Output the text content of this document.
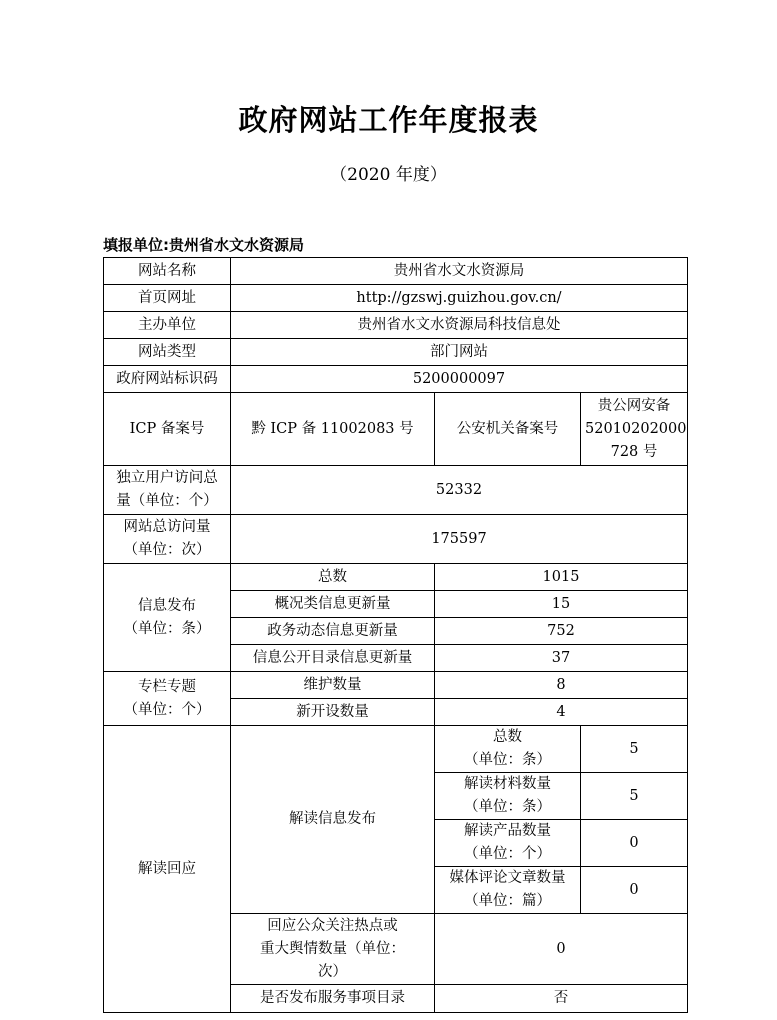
政府网站工作年度报表
（2020 年度）
填报单位:贵州省水文水资源局
网站名称	贵州省水文水资源局		
首页网址	http://gzswj.guizhou.gov.cn/		
主办单位	贵州省水文水资源局科技信息处		
网站类型	部门网站		
政府网站标识码	5200000097		
ICP 备案号	黔 ICP 备 11002083 号	公安机关备案号	贵公网安备
52010202000
728 号

独立用户访问总
量（单位：个）	52332		

网站总访问量
（单位：次）	175597		

信息发布
（单位：条）	总数	1015	
	概况类信息更新量	15	
	政务动态信息更新量	752	
	信息公开目录信息更新量	37	

专栏专题
（单位：个）	维护数量	8	
	新开设数量	4	
解读回应	解读信息发布	总数
（单位：条）	5

		解读材料数量
（单位：条）	5

		解读产品数量
（单位：个）	0

		媒体评论文章数量
（单位：篇）	0

	回应公众关注热点或
重大舆情数量（单位：
次）	0	
	是否发布服务事项目录	否	
